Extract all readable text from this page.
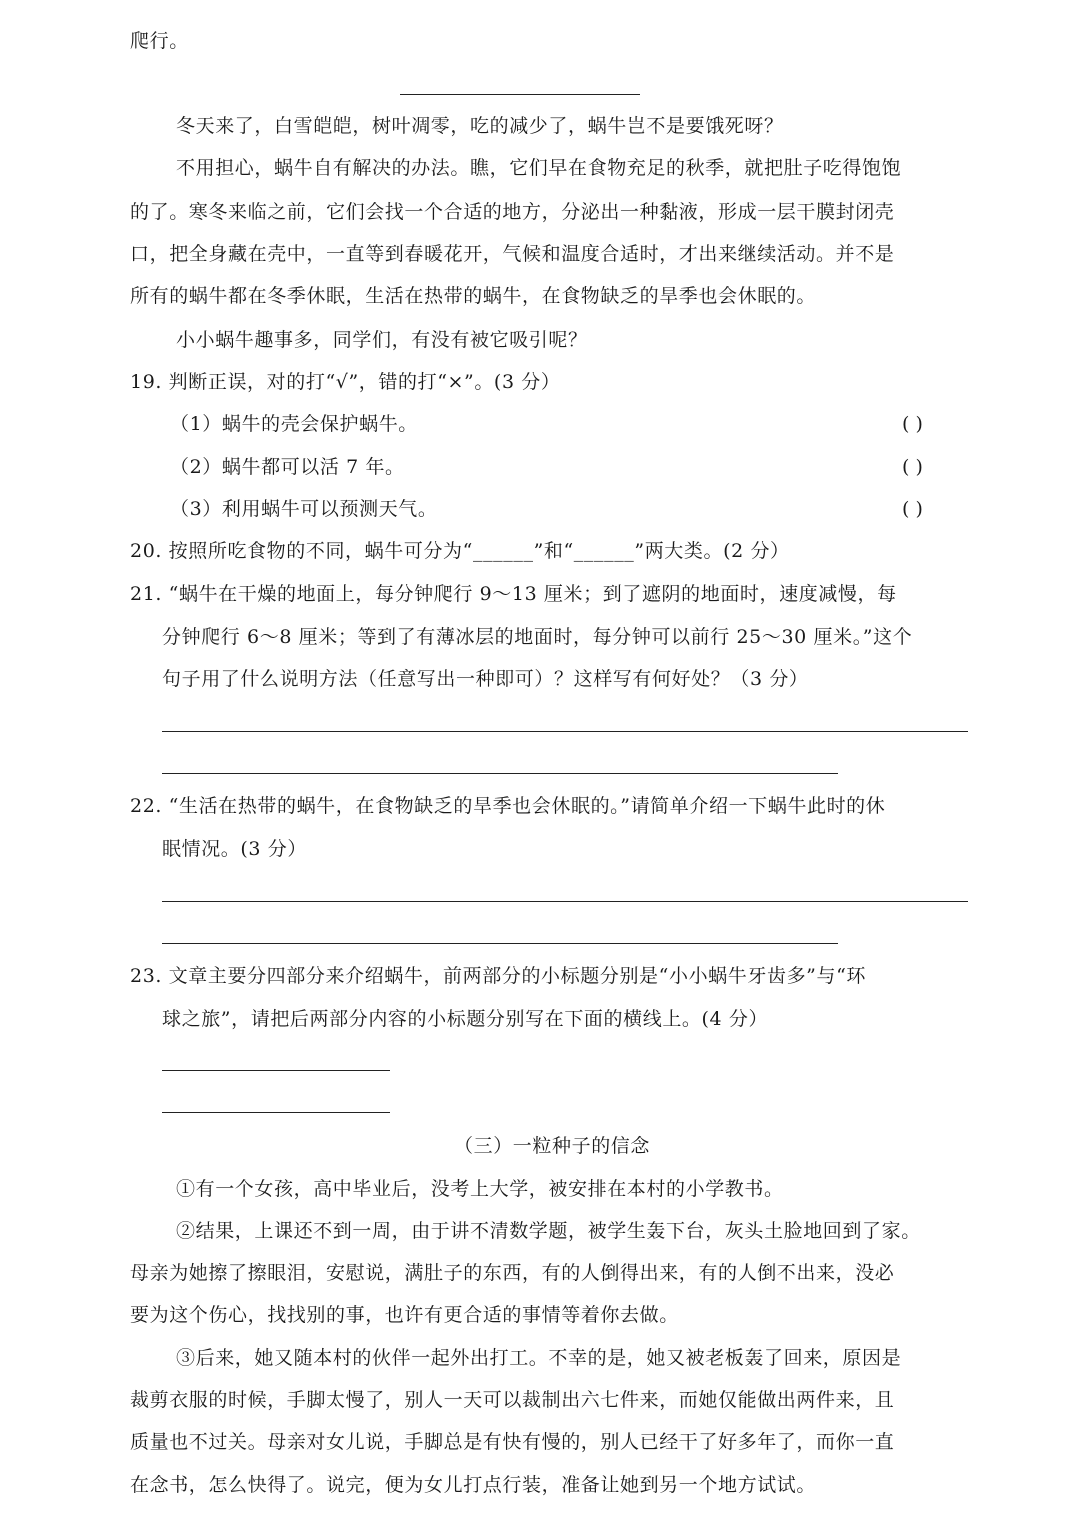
爬行。
冬天来了，白雪皑皑，树叶凋零，吃的减少了，蜗牛岂不是要饿死呀？
不用担心，蜗牛自有解决的办法。瞧，它们早在食物充足的秋季，就把肚子吃得饱饱
的了。寒冬来临之前，它们会找一个合适的地方，分泌出一种黏液，形成一层干膜封闭壳
口，把全身藏在壳中，一直等到春暖花开，气候和温度合适时，才出来继续活动。并不是
所有的蜗牛都在冬季休眠，生活在热带的蜗牛，在食物缺乏的旱季也会休眠的。
小小蜗牛趣事多，同学们，有没有被它吸引呢？
19. 判断正误，对的打“√”，错的打“×”。(3 分）
（1）蜗牛的壳会保护蜗牛。	( )
（2）蜗牛都可以活 7 年。	( )
（3）利用蜗牛可以预测天气。	( )
20. 按照所吃食物的不同，蜗牛可分为“______”和“______”两大类。(2 分）
21. “蜗牛在干燥的地面上，每分钟爬行 9～13 厘米；到了遮阴的地面时，速度减慢，每
分钟爬行 6～8 厘米；等到了有薄冰层的地面时，每分钟可以前行 25～30 厘米。”这个
句子用了什么说明方法（任意写出一种即可）？这样写有何好处？（3 分）
22. “生活在热带的蜗牛，在食物缺乏的旱季也会休眠的。”请简单介绍一下蜗牛此时的休
眠情况。(3 分）
23. 文章主要分四部分来介绍蜗牛，前两部分的小标题分别是“小小蜗牛牙齿多”与“环
球之旅”，请把后两部分内容的小标题分别写在下面的横线上。(4 分）
（三）一粒种子的信念
①有一个女孩，高中毕业后，没考上大学，被安排在本村的小学教书。
②结果，上课还不到一周，由于讲不清数学题，被学生轰下台，灰头土脸地回到了家。
母亲为她擦了擦眼泪，安慰说，满肚子的东西，有的人倒得出来，有的人倒不出来，没必
要为这个伤心，找找别的事，也许有更合适的事情等着你去做。
③后来，她又随本村的伙伴一起外出打工。不幸的是，她又被老板轰了回来，原因是
裁剪衣服的时候，手脚太慢了，别人一天可以裁制出六七件来，而她仅能做出两件来，且
质量也不过关。母亲对女儿说，手脚总是有快有慢的，别人已经干了好多年了，而你一直
在念书，怎么快得了。说完，便为女儿打点行装，准备让她到另一个地方试试。
